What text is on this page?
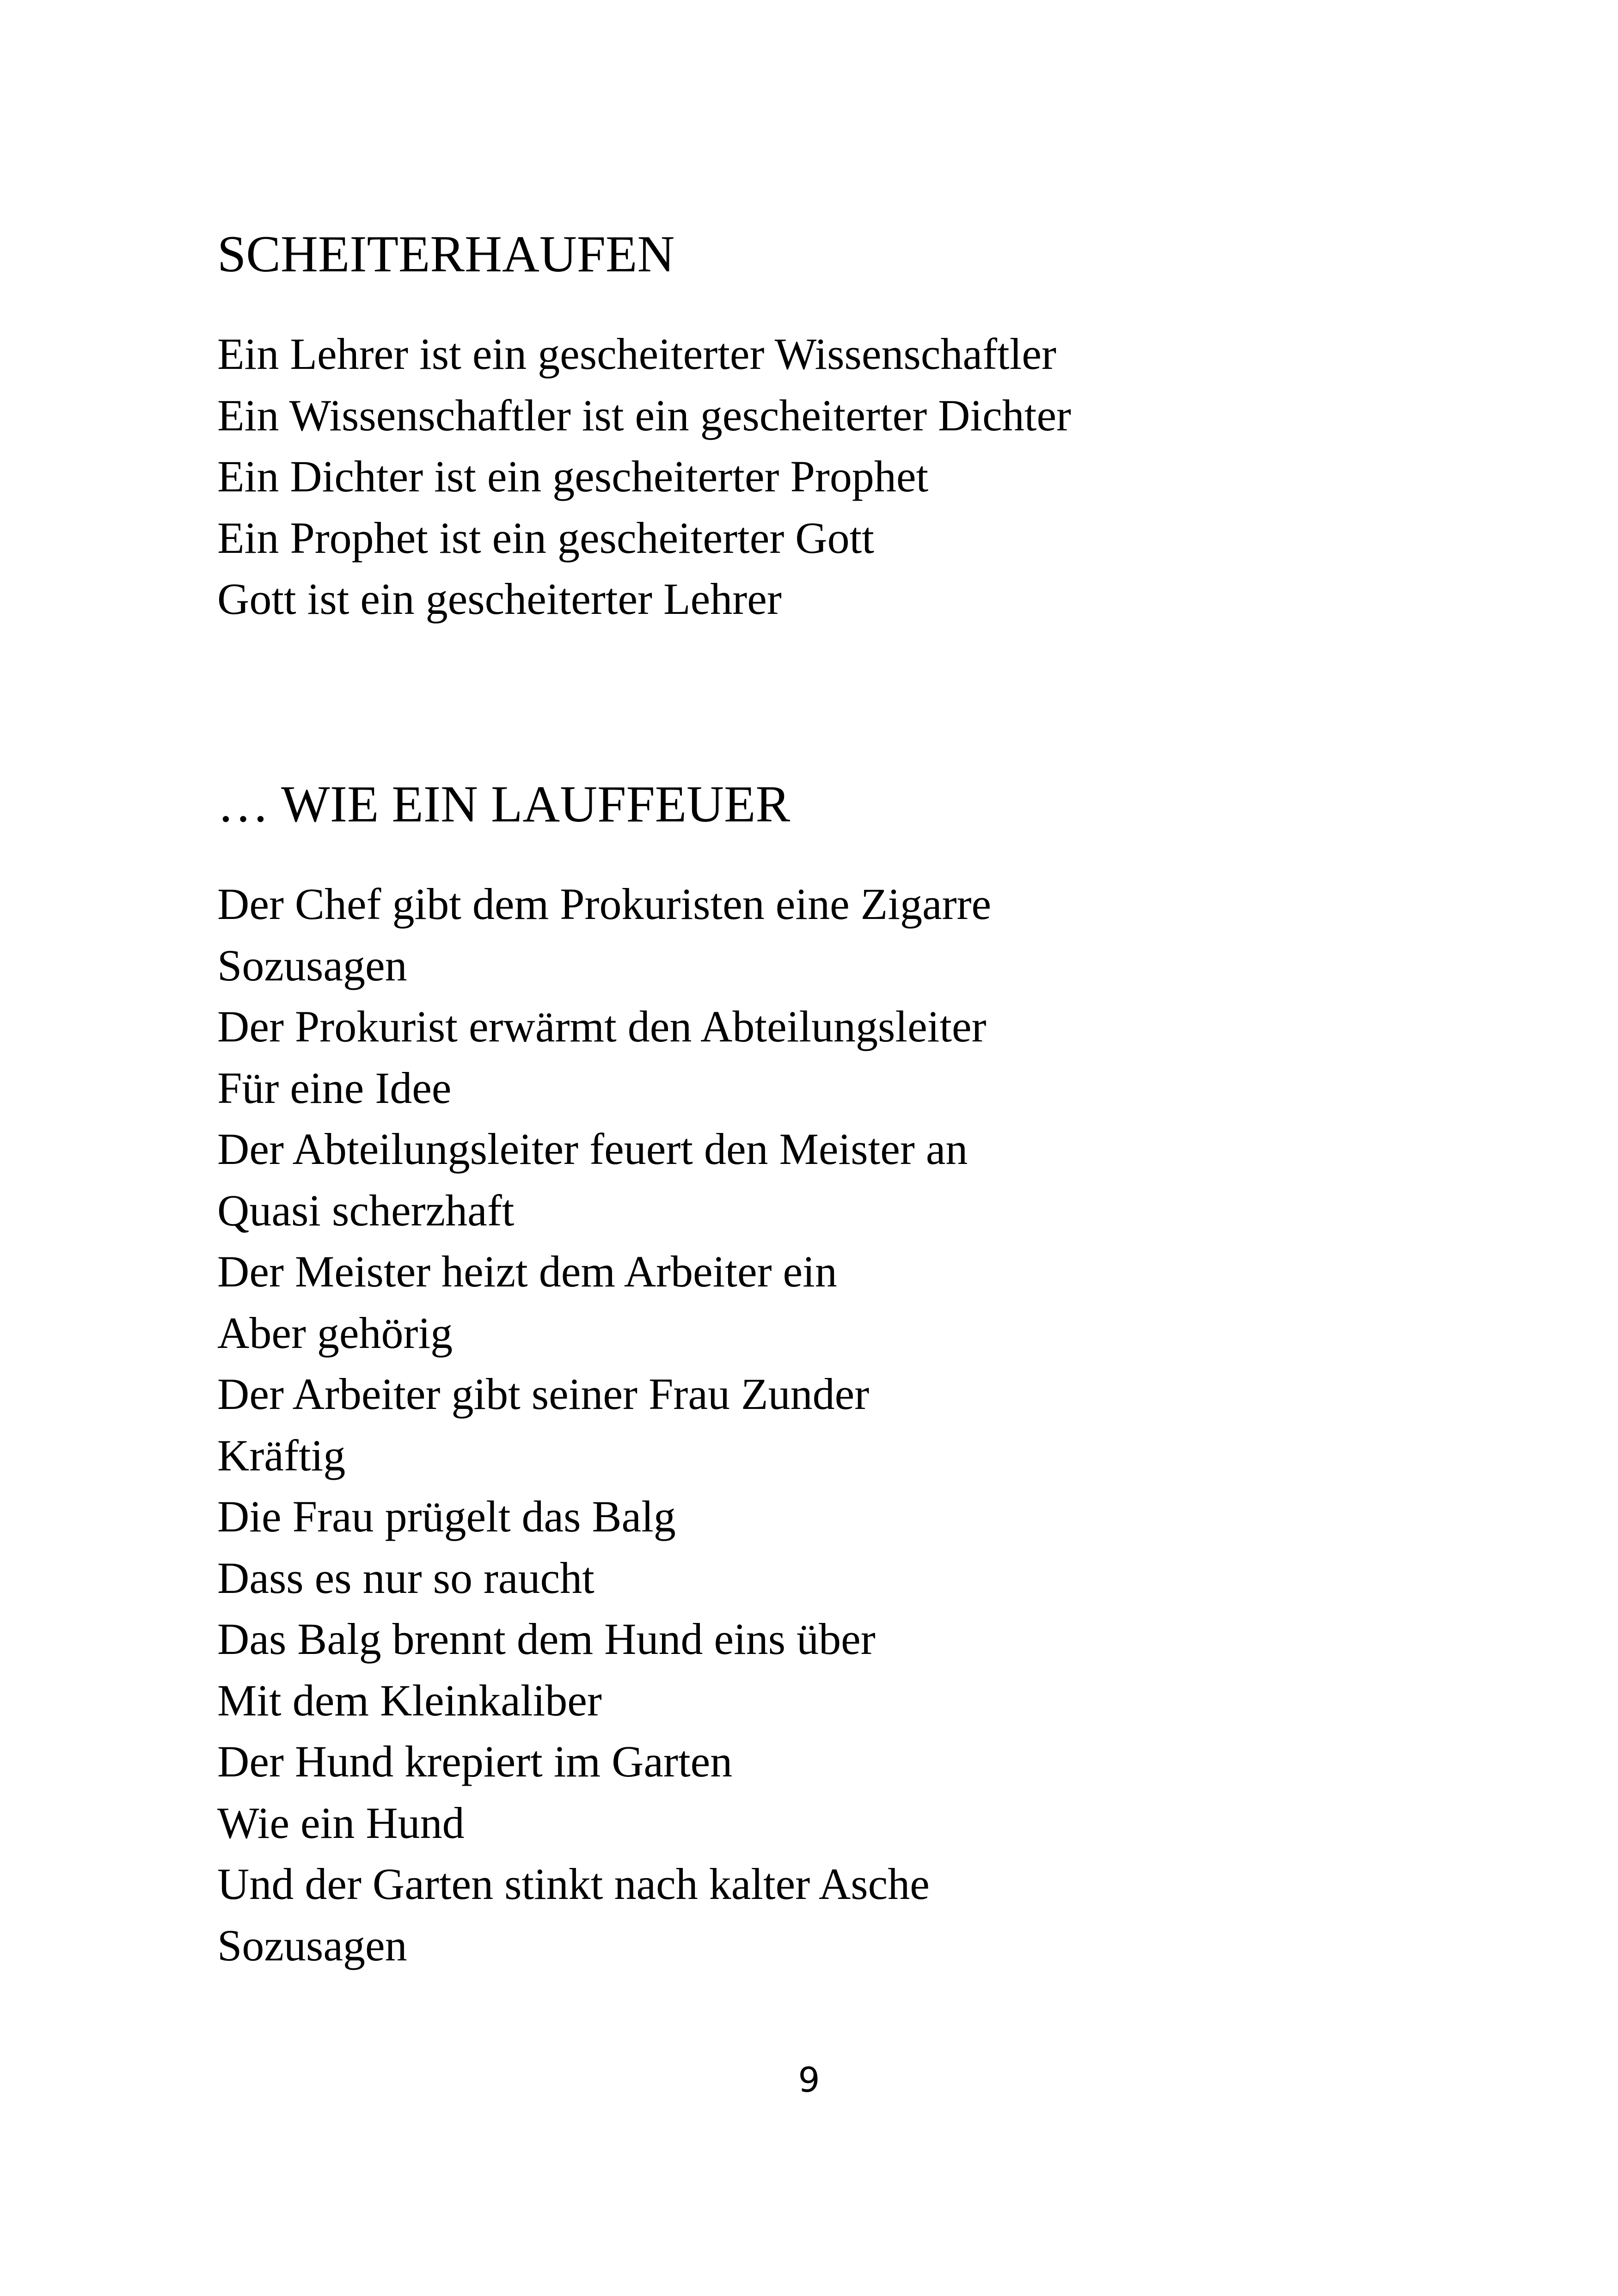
SCHEITERHAUFEN
Ein Lehrer ist ein gescheiterter Wissenschaftler
Ein Wissenschaftler ist ein gescheiterter Dichter
Ein Dichter ist ein gescheiterter Prophet
Ein Prophet ist ein gescheiterter Gott
Gott ist ein gescheiterter Lehrer
… WIE EIN LAUFFEUER
Der Chef gibt dem Prokuristen eine Zigarre
Sozusagen
Der Prokurist erwärmt den Abteilungsleiter
Für eine Idee
Der Abteilungsleiter feuert den Meister an
Quasi scherzhaft
Der Meister heizt dem Arbeiter ein
Aber gehörig
Der Arbeiter gibt seiner Frau Zunder
Kräftig
Die Frau prügelt das Balg
Dass es nur so raucht
Das Balg brennt dem Hund eins über
Mit dem Kleinkaliber
Der Hund krepiert im Garten
Wie ein Hund
Und der Garten stinkt nach kalter Asche
Sozusagen
9
